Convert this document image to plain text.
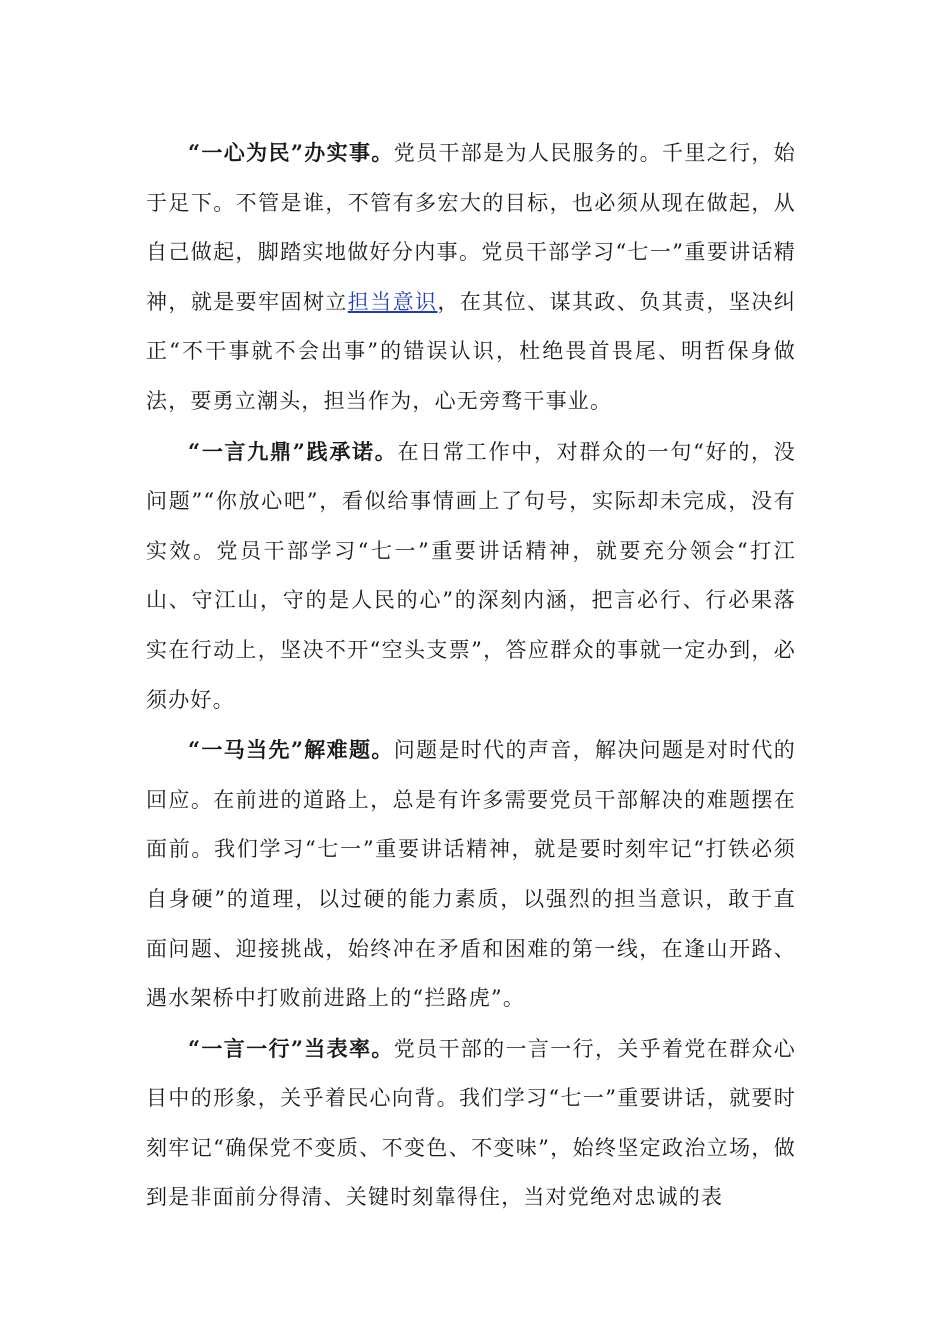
“一心为民”办实事。党员干部是为人民服务的。千里之行，始于足下。不管是谁，不管有多宏大的目标，也必须从现在做起，从自己做起，脚踏实地做好分内事。党员干部学习“七一”重要讲话精神，就是要牢固树立担当意识，在其位、谋其政、负其责，坚决纠正“不干事就不会出事”的错误认识，杜绝畏首畏尾、明哲保身做法，要勇立潮头，担当作为，心无旁骛干事业。

“一言九鼎”践承诺。在日常工作中，对群众的一句“好的，没问题”“你放心吧”，看似给事情画上了句号，实际却未完成，没有实效。党员干部学习“七一”重要讲话精神，就要充分领会“打江山、守江山，守的是人民的心”的深刻内涵，把言必行、行必果落实在行动上，坚决不开“空头支票”，答应群众的事就一定办到，必须办好。

“一马当先”解难题。问题是时代的声音，解决问题是对时代的回应。在前进的道路上，总是有许多需要党员干部解决的难题摆在面前。我们学习“七一”重要讲话精神，就是要时刻牢记“打铁必须自身硬”的道理，以过硬的能力素质，以强烈的担当意识，敢于直面问题、迎接挑战，始终冲在矛盾和困难的第一线，在逢山开路、遇水架桥中打败前进路上的“拦路虎”。

“一言一行”当表率。党员干部的一言一行，关乎着党在群众心目中的形象，关乎着民心向背。我们学习“七一”重要讲话，就要时刻牢记“确保党不变质、不变色、不变味”，始终坚定政治立场，做到是非面前分得清、关键时刻靠得住，当对党绝对忠诚的表
